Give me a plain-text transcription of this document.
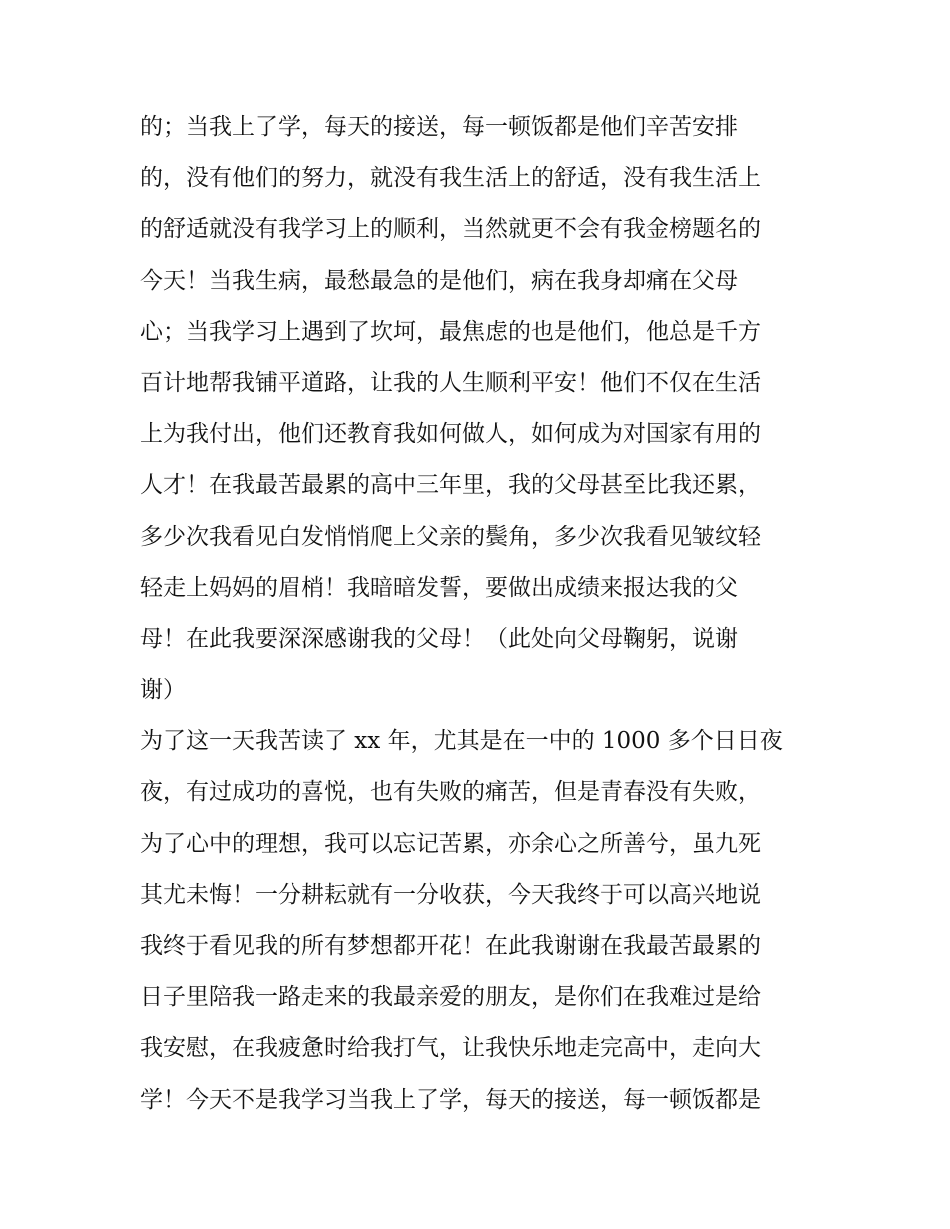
的；当我上了学，每天的接送，每一顿饭都是他们辛苦安排
的，没有他们的努力，就没有我生活上的舒适，没有我生活上
的舒适就没有我学习上的顺利，当然就更不会有我金榜题名的
今天！当我生病，最愁最急的是他们，病在我身却痛在父母
心；当我学习上遇到了坎坷，最焦虑的也是他们，他总是千方
百计地帮我铺平道路，让我的人生顺利平安！他们不仅在生活
上为我付出，他们还教育我如何做人，如何成为对国家有用的
人才！在我最苦最累的高中三年里，我的父母甚至比我还累，
多少次我看见白发悄悄爬上父亲的鬓角，多少次我看见皱纹轻
轻走上妈妈的眉梢！我暗暗发誓，要做出成绩来报达我的父
母！在此我要深深感谢我的父母！（此处向父母鞠躬，说谢
谢）
为了这一天我苦读了 xx 年，尤其是在一中的 1000 多个日日夜
夜，有过成功的喜悦，也有失败的痛苦，但是青春没有失败，
为了心中的理想，我可以忘记苦累，亦余心之所善兮，虽九死
其尤未悔！一分耕耘就有一分收获，今天我终于可以高兴地说
我终于看见我的所有梦想都开花！在此我谢谢在我最苦最累的
日子里陪我一路走来的我最亲爱的朋友，是你们在我难过是给
我安慰，在我疲惫时给我打气，让我快乐地走完高中，走向大
学！今天不是我学习当我上了学，每天的接送，每一顿饭都是
